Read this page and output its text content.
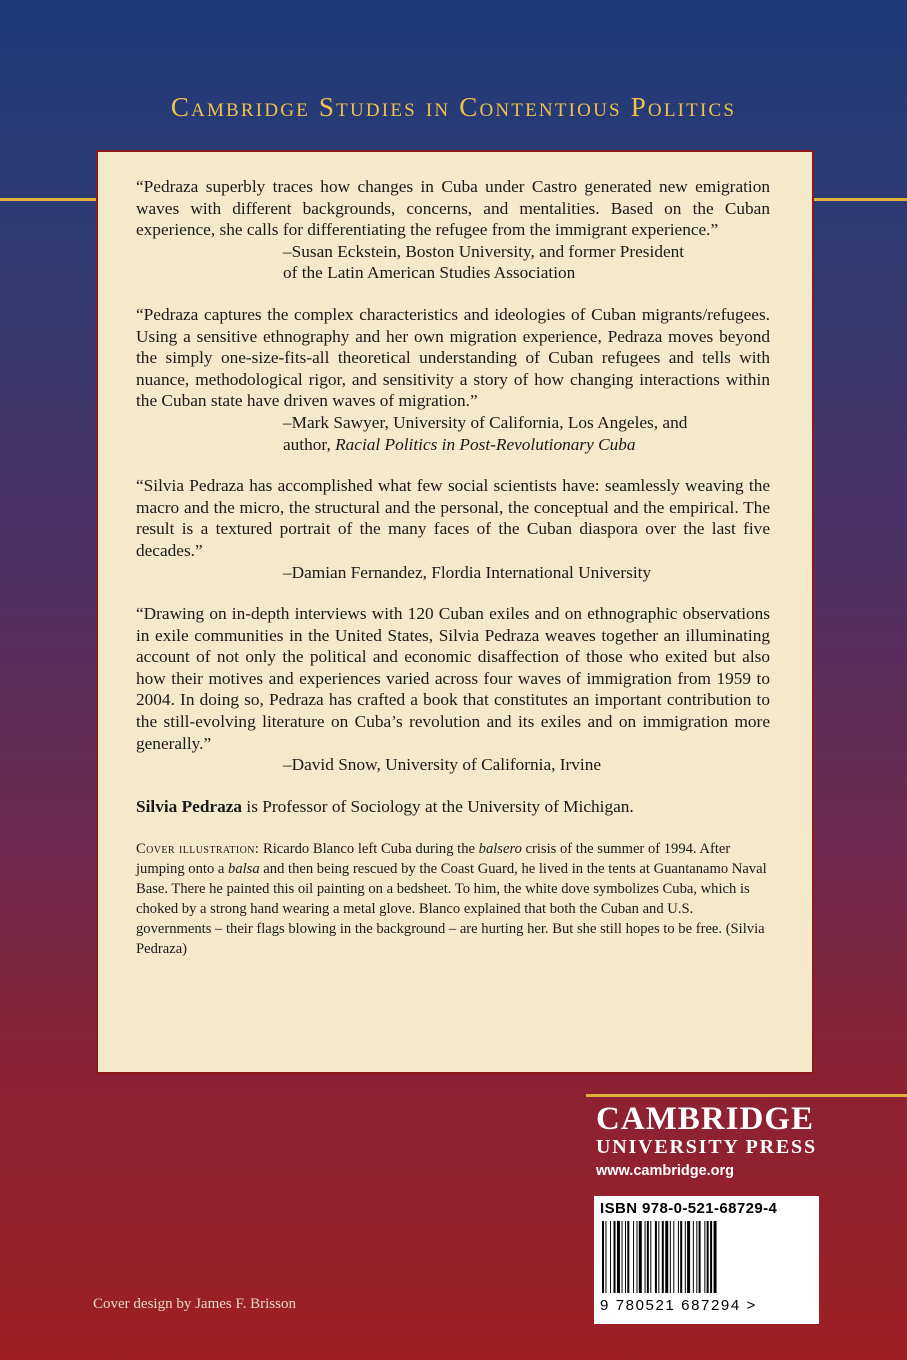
Cambridge Studies in Contentious Politics

“Pedraza superbly traces how changes in Cuba under Castro generated new emigration waves with different backgrounds, concerns, and mentalities. Based on the Cuban experience, she calls for differentiating the refugee from the immigrant experience.”

–Susan Eckstein, Boston University, and former President
of the Latin American Studies Association

“Pedraza captures the complex characteristics and ideologies of Cuban migrants/refugees. Using a sensitive ethnography and her own migration experience, Pedraza moves beyond the simply one-size-fits-all theoretical understanding of Cuban refugees and tells with nuance, methodological rigor, and sensitivity a story of how changing interactions within the Cuban state have driven waves of migration.”

–Mark Sawyer, University of California, Los Angeles, and
author, Racial Politics in Post-Revolutionary Cuba

“Silvia Pedraza has accomplished what few social scientists have: seamlessly weaving the macro and the micro, the structural and the personal, the conceptual and the empirical. The result is a textured portrait of the many faces of the Cuban diaspora over the last five decades.”

–Damian Fernandez, Flordia International University

“Drawing on in-depth interviews with 120 Cuban exiles and on ethnographic observations in exile communities in the United States, Silvia Pedraza weaves together an illuminating account of not only the political and economic disaffection of those who exited but also how their motives and experiences varied across four waves of immigration from 1959 to 2004. In doing so, Pedraza has crafted a book that constitutes an important contribution to the still-evolving literature on Cuba’s revolution and its exiles and on immigration more generally.”

–David Snow, University of California, Irvine
Silvia Pedraza is Professor of Sociology at the University of Michigan.
Cover illustration: Ricardo Blanco left Cuba during the balsero crisis of the summer of 1994. After jumping onto a balsa and then being rescued by the Coast Guard, he lived in the tents at Guantanamo Naval Base. There he painted this oil painting on a bedsheet. To him, the white dove symbolizes Cuba, which is choked by a strong hand wearing a metal glove. Blanco explained that both the Cuban and U.S. governments – their flags blowing in the background – are hurting her. But she still hopes to be free. (Silvia Pedraza)
CAMBRIDGE
UNIVERSITY PRESS
www.cambridge.org
ISBN 978-0-521-68729-4
9 780521 687294 >
Cover design by James F. Brisson
